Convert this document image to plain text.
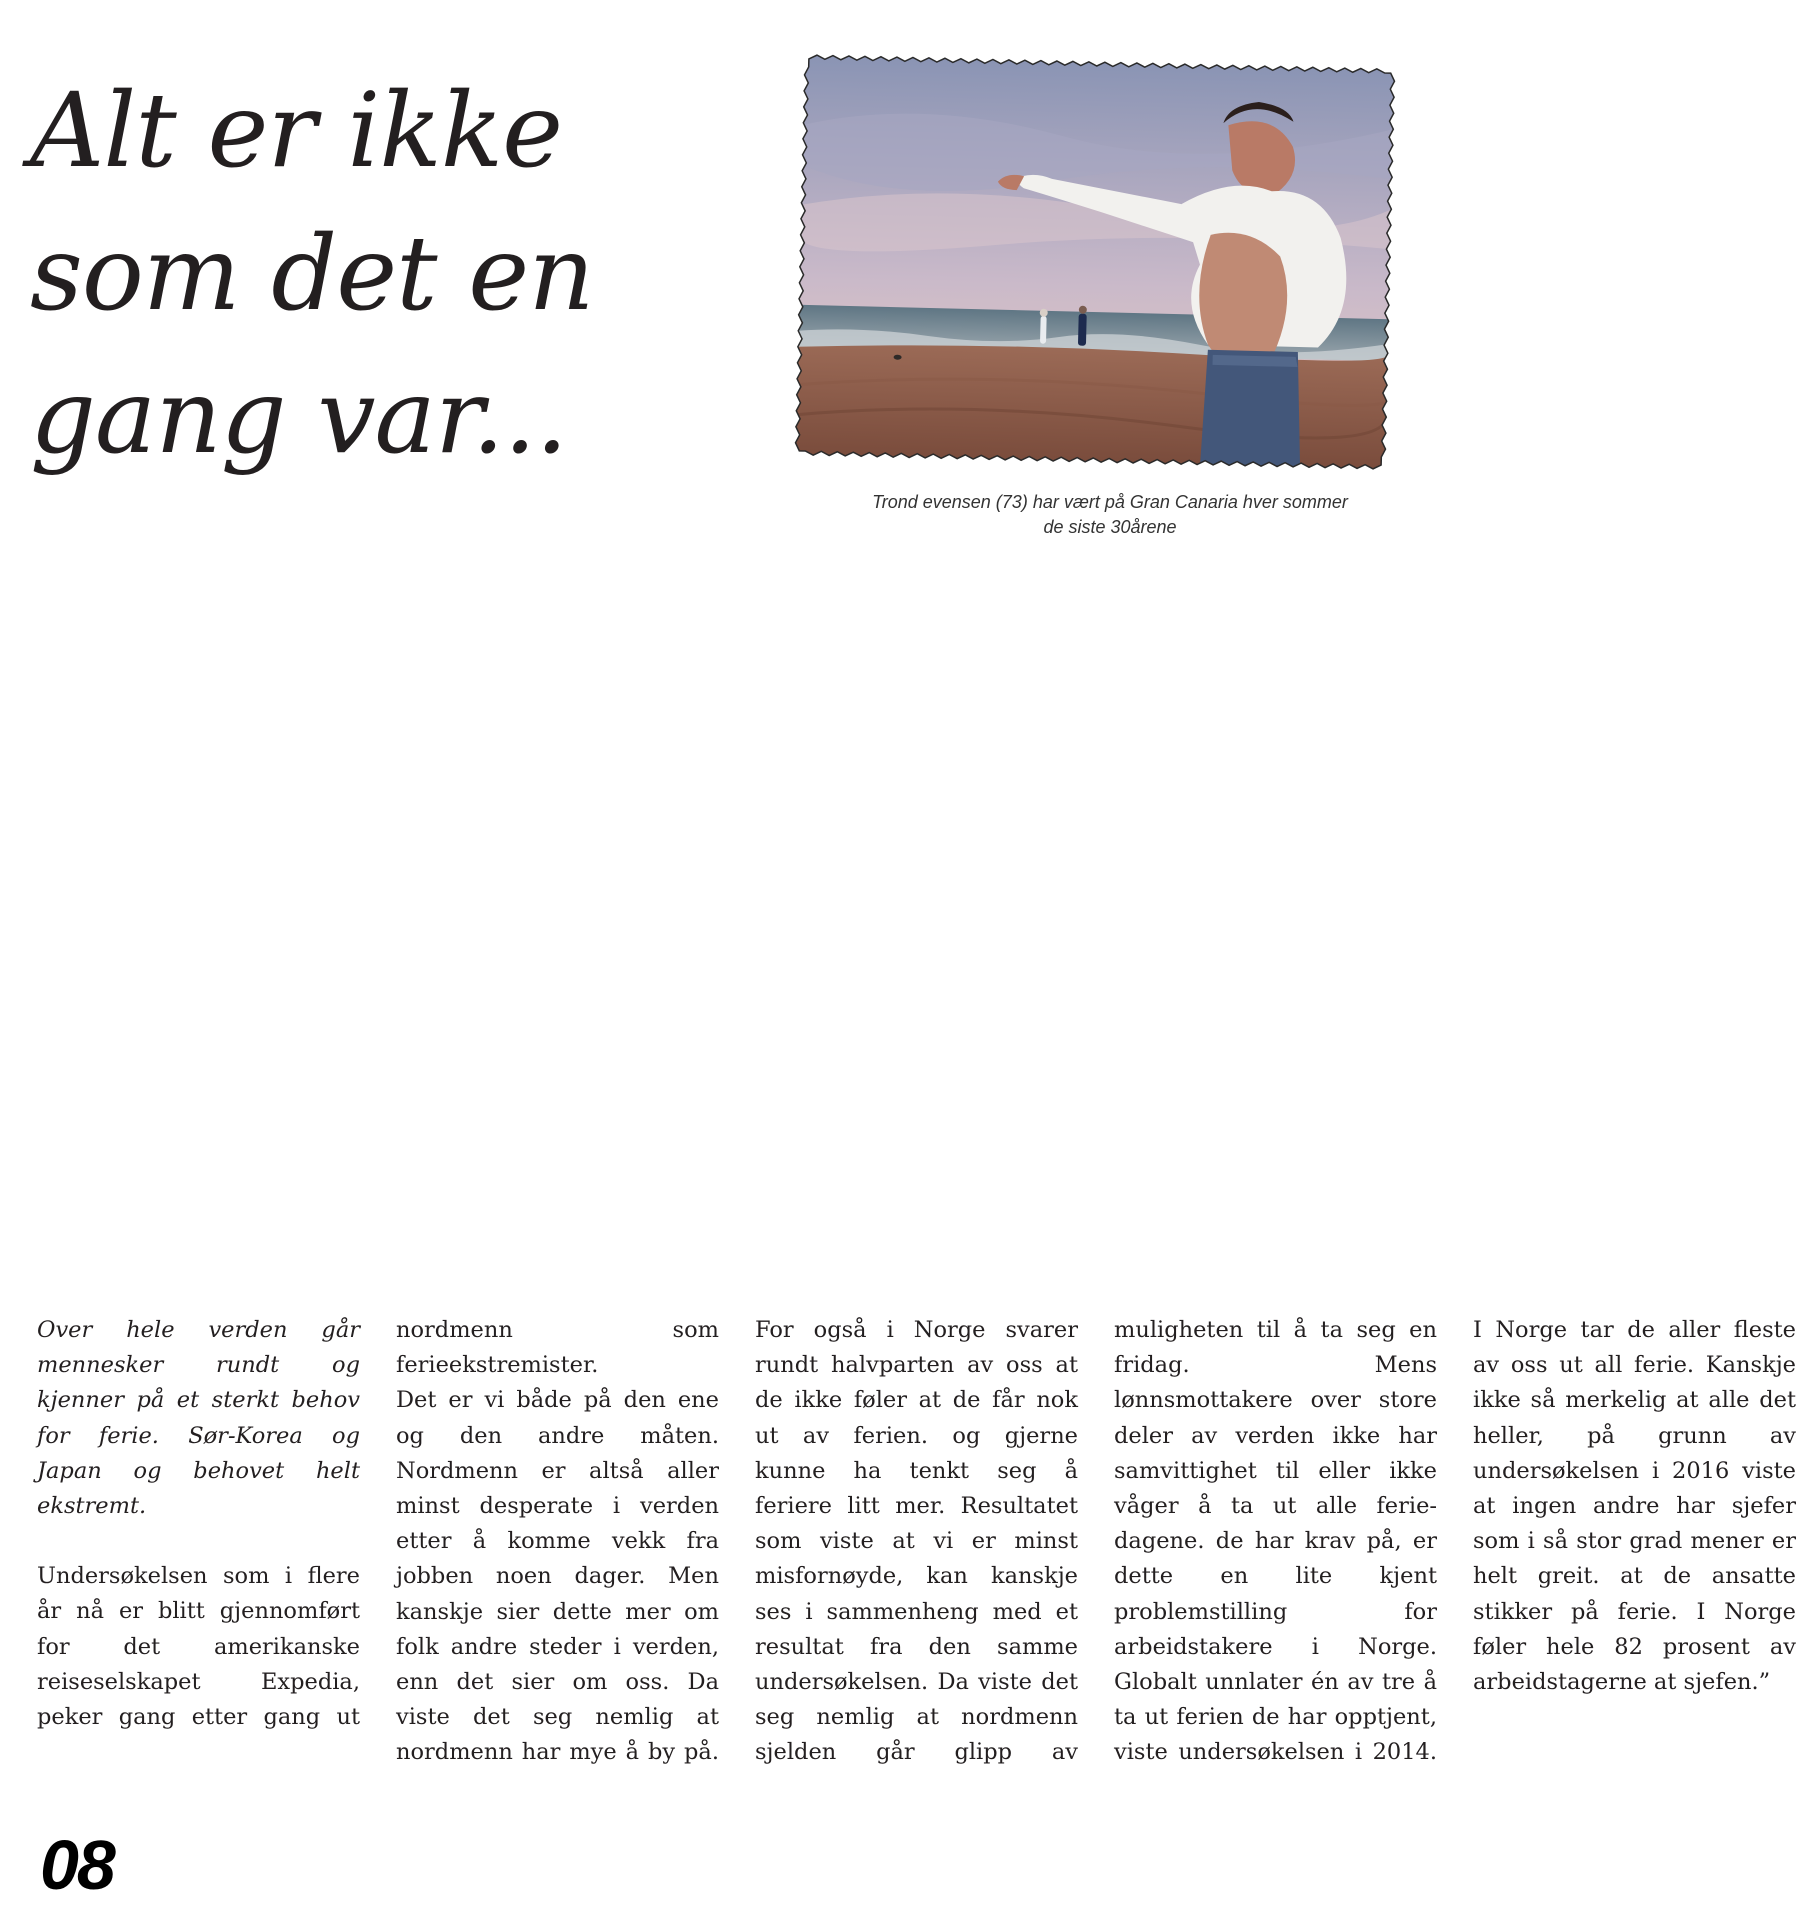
Alt er ikke som det en gang var...
Trond evensen (73) har vært på Gran Canaria hver sommer de siste 30årene

Over hele verden går mennesker rundt og kjenner på et sterkt behov for ferie. Sør-Korea og Japan og behovet helt ekstremt.

Undersøkelsen som i flere år nå er blitt gjennomført for det amerikanske reiseselskapet Expedia, peker gang etter gang ut nordmenn som ferieekstremister.

Det er vi både på den ene og den andre måten. Nordmenn er altså aller minst desperate i verden etter å komme vekk fra jobben noen dager. Men kanskje sier dette mer om folk andre steder i verden, enn det sier om oss. Da viste det seg nemlig at nordmenn har mye å by på. For også i Norge svarer rundt halvparten av oss at de ikke føler at de får nok ut av ferien. og gjerne kunne ha tenkt seg å feriere litt mer. Resultatet som viste at vi er minst misfornøyde, kan kanskje ses i sammenheng med et resultat fra den samme undersøkelsen. Da viste det seg nemlig at nordmenn sjelden går glipp av muligheten til å ta seg en fridag. Mens lønnsmottakere over store deler av verden ikke har samvittighet til eller ikke våger å ta ut alle ferie-dagene. de har krav på, er dette en lite kjent problemstilling for arbeidstakere i Norge. Globalt unnlater én av tre å ta ut ferien de har opptjent, viste undersøkelsen i 2014. I Norge tar de aller fleste av oss ut all ferie. Kanskje ikke så merkelig at alle det heller, på grunn av undersøkelsen i 2016 viste at ingen andre har sjefer som i så stor grad mener er helt greit. at de ansatte stikker på ferie. I Norge føler hele 82 prosent av arbeidstagerne at sjefen.”

08
